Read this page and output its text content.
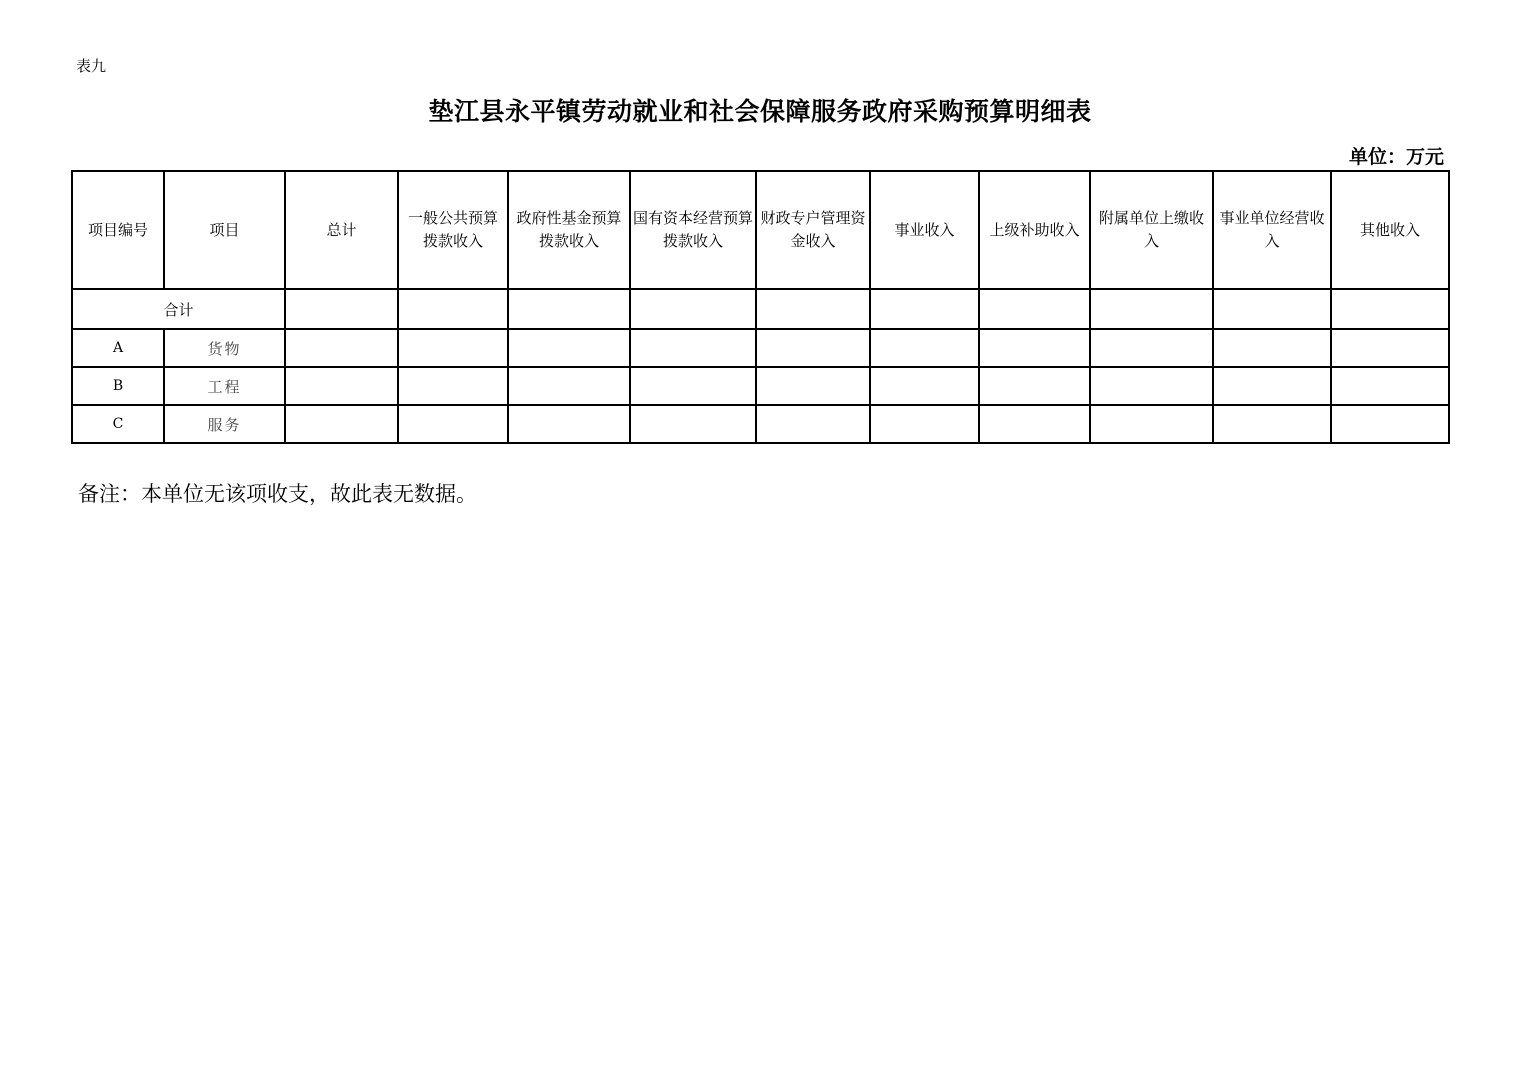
表九
垫江县永平镇劳动就业和社会保障服务政府采购预算明细表
单位：万元
项目编号	项目	总计	一般公共预算拨款收入	政府性基金预算拨款收入	国有资本经营预算拨款收入	财政专户管理资金收入	事业收入	上级补助收入	附属单位上缴收入	事业单位经营收入	其他收入
合计											
A	货物										
B	工程										
C	服务										
备注：本单位无该项收支，故此表无数据。
